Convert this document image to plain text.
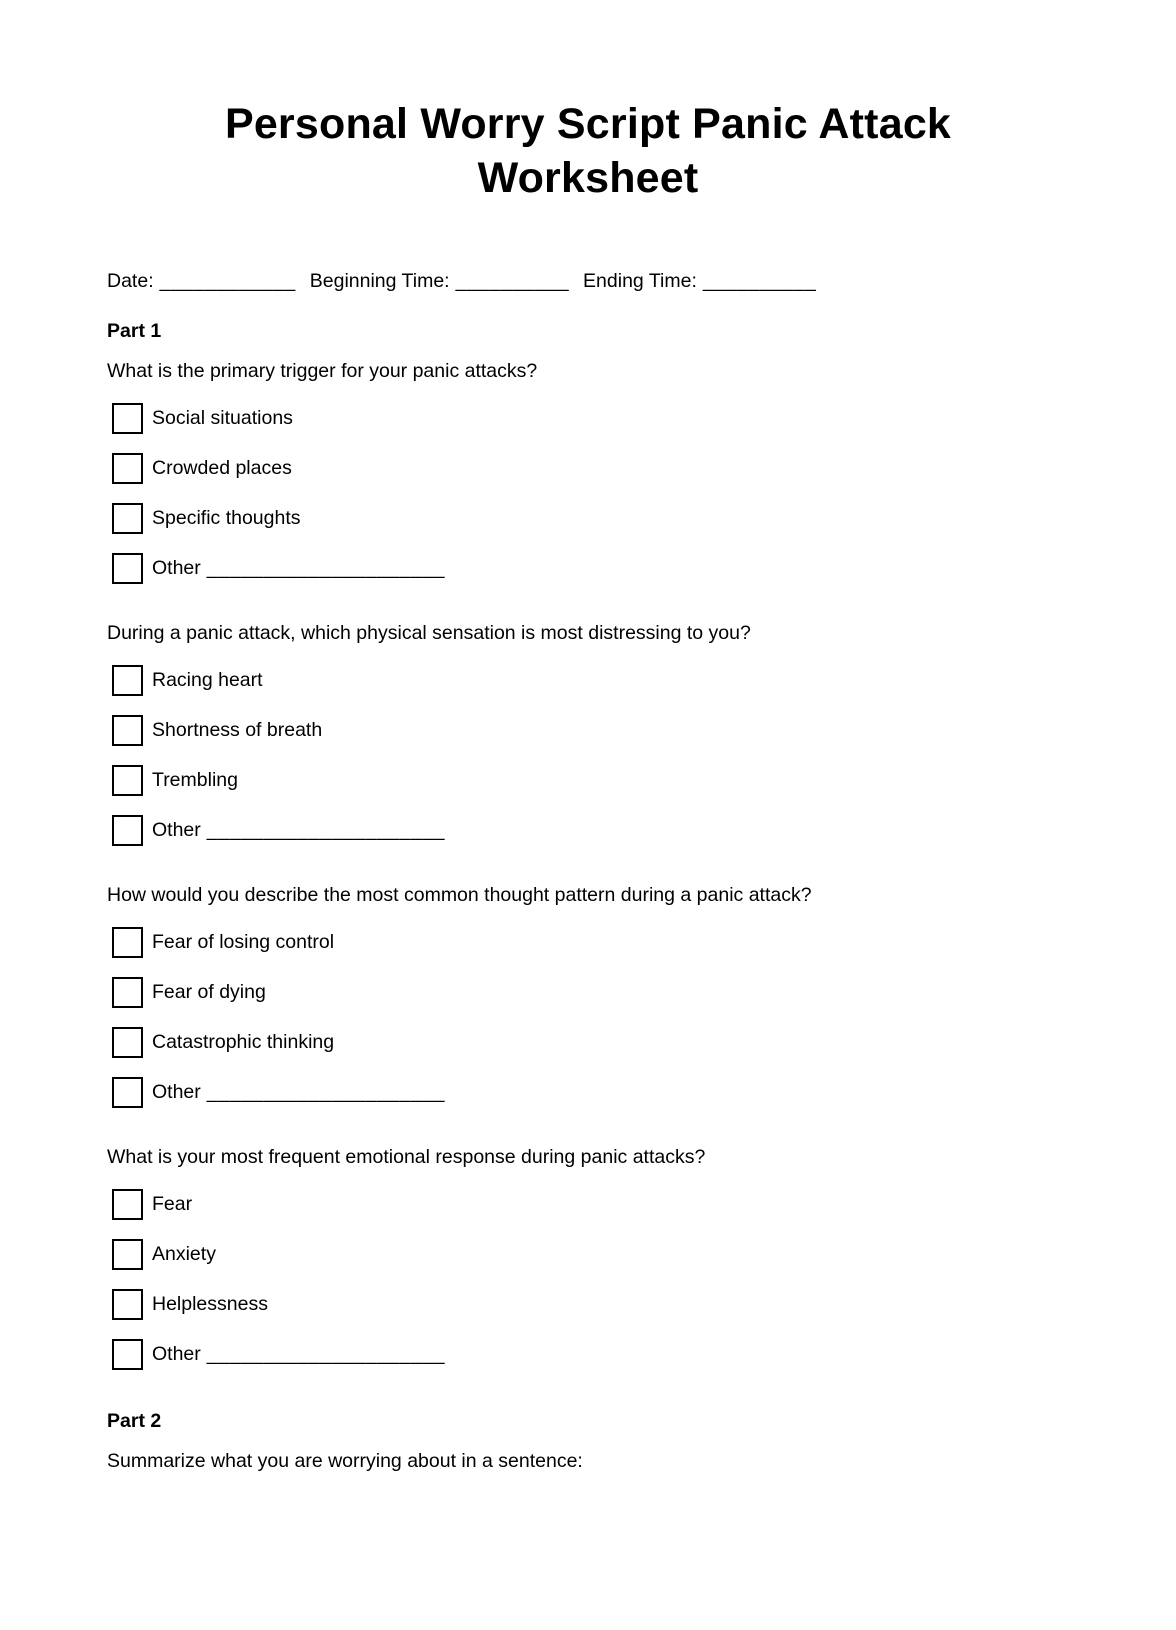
Personal Worry Script Panic Attack
Worksheet
Date: ____________ Beginning Time: __________ Ending Time: __________
Part 1
What is the primary trigger for your panic attacks?
Social situations
Crowded places
Specific thoughts
Other _____________________
During a panic attack, which physical sensation is most distressing to you?
Racing heart
Shortness of breath
Trembling
Other _____________________
How would you describe the most common thought pattern during a panic attack?
Fear of losing control
Fear of dying
Catastrophic thinking
Other _____________________
What is your most frequent emotional response during panic attacks?
Fear
Anxiety
Helplessness
Other _____________________
Part 2
Summarize what you are worrying about in a sentence:
